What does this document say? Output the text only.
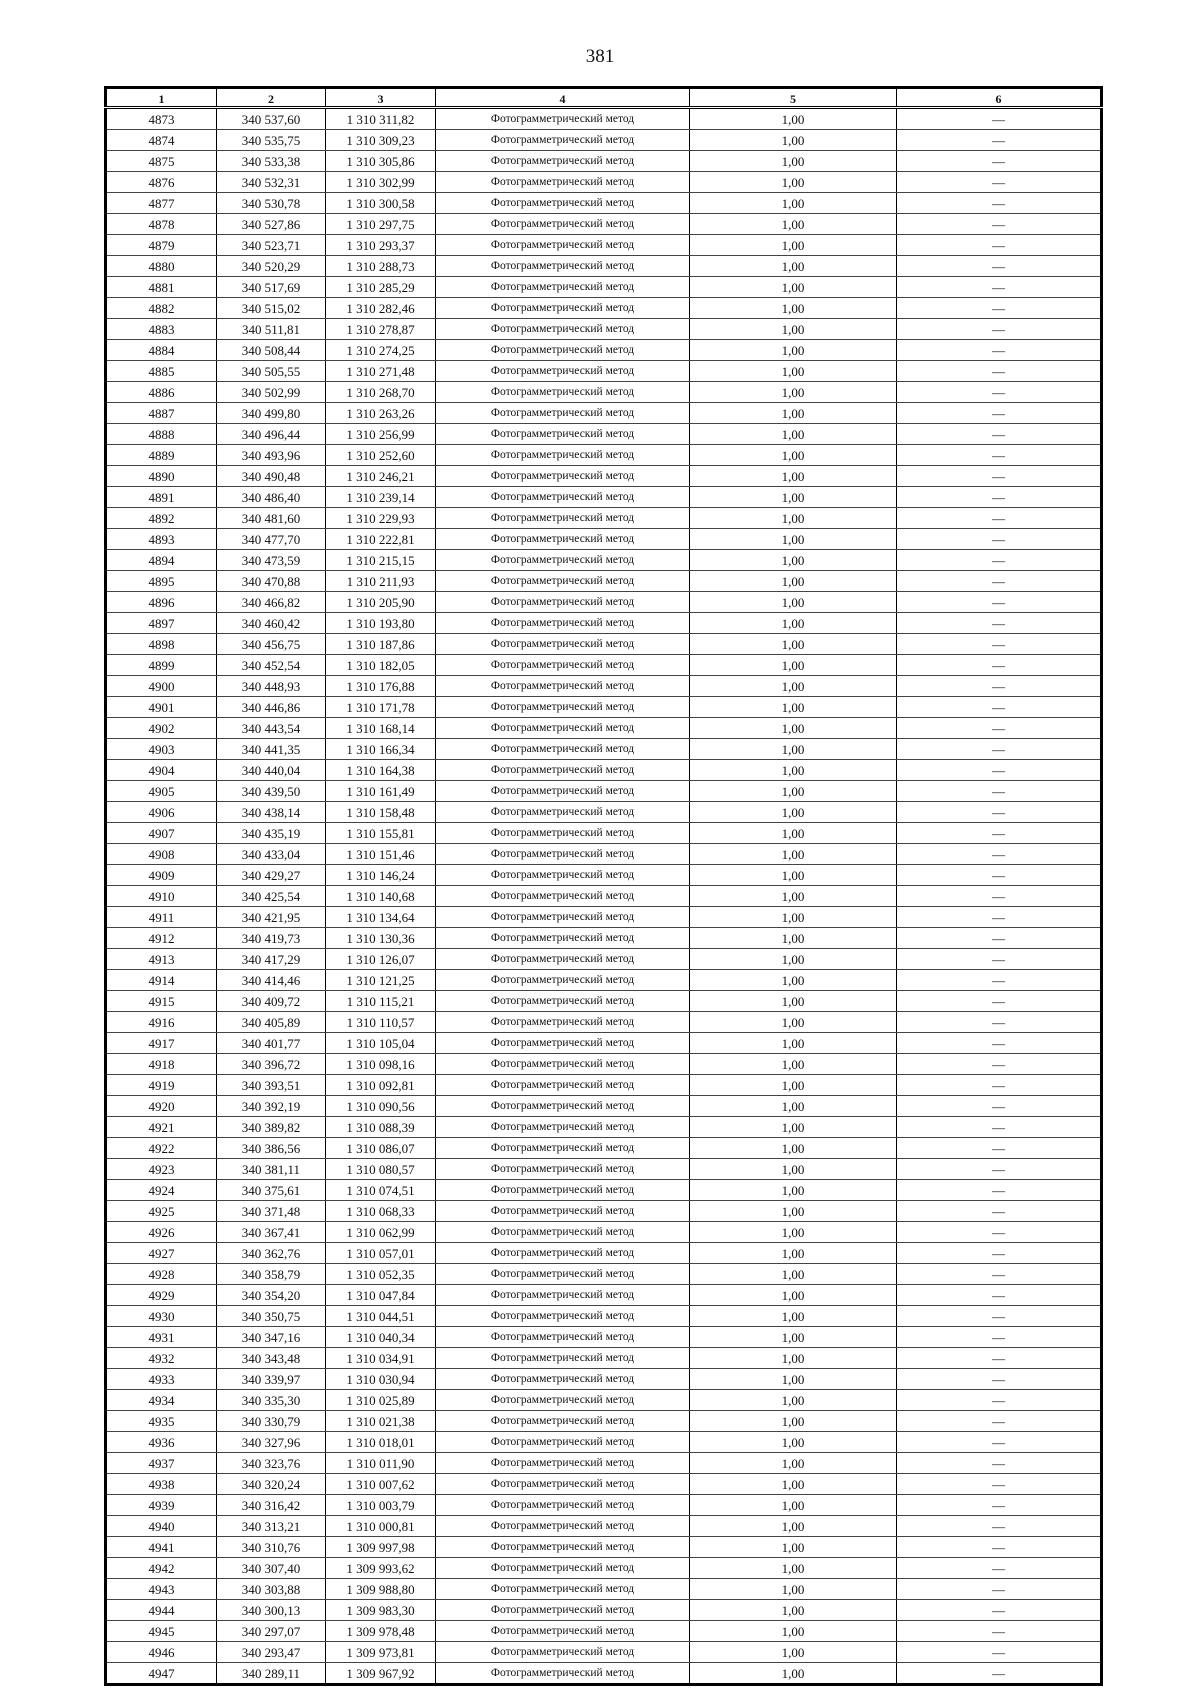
381
1	2	3	4	5	6
4873	340 537,60	1 310 311,82	Фотограмметрический метод	1,00	—
4874	340 535,75	1 310 309,23	Фотограмметрический метод	1,00	—
4875	340 533,38	1 310 305,86	Фотограмметрический метод	1,00	—
4876	340 532,31	1 310 302,99	Фотограмметрический метод	1,00	—
4877	340 530,78	1 310 300,58	Фотограмметрический метод	1,00	—
4878	340 527,86	1 310 297,75	Фотограмметрический метод	1,00	—
4879	340 523,71	1 310 293,37	Фотограмметрический метод	1,00	—
4880	340 520,29	1 310 288,73	Фотограмметрический метод	1,00	—
4881	340 517,69	1 310 285,29	Фотограмметрический метод	1,00	—
4882	340 515,02	1 310 282,46	Фотограмметрический метод	1,00	—
4883	340 511,81	1 310 278,87	Фотограмметрический метод	1,00	—
4884	340 508,44	1 310 274,25	Фотограмметрический метод	1,00	—
4885	340 505,55	1 310 271,48	Фотограмметрический метод	1,00	—
4886	340 502,99	1 310 268,70	Фотограмметрический метод	1,00	—
4887	340 499,80	1 310 263,26	Фотограмметрический метод	1,00	—
4888	340 496,44	1 310 256,99	Фотограмметрический метод	1,00	—
4889	340 493,96	1 310 252,60	Фотограмметрический метод	1,00	—
4890	340 490,48	1 310 246,21	Фотограмметрический метод	1,00	—
4891	340 486,40	1 310 239,14	Фотограмметрический метод	1,00	—
4892	340 481,60	1 310 229,93	Фотограмметрический метод	1,00	—
4893	340 477,70	1 310 222,81	Фотограмметрический метод	1,00	—
4894	340 473,59	1 310 215,15	Фотограмметрический метод	1,00	—
4895	340 470,88	1 310 211,93	Фотограмметрический метод	1,00	—
4896	340 466,82	1 310 205,90	Фотограмметрический метод	1,00	—
4897	340 460,42	1 310 193,80	Фотограмметрический метод	1,00	—
4898	340 456,75	1 310 187,86	Фотограмметрический метод	1,00	—
4899	340 452,54	1 310 182,05	Фотограмметрический метод	1,00	—
4900	340 448,93	1 310 176,88	Фотограмметрический метод	1,00	—
4901	340 446,86	1 310 171,78	Фотограмметрический метод	1,00	—
4902	340 443,54	1 310 168,14	Фотограмметрический метод	1,00	—
4903	340 441,35	1 310 166,34	Фотограмметрический метод	1,00	—
4904	340 440,04	1 310 164,38	Фотограмметрический метод	1,00	—
4905	340 439,50	1 310 161,49	Фотограмметрический метод	1,00	—
4906	340 438,14	1 310 158,48	Фотограмметрический метод	1,00	—
4907	340 435,19	1 310 155,81	Фотограмметрический метод	1,00	—
4908	340 433,04	1 310 151,46	Фотограмметрический метод	1,00	—
4909	340 429,27	1 310 146,24	Фотограмметрический метод	1,00	—
4910	340 425,54	1 310 140,68	Фотограмметрический метод	1,00	—
4911	340 421,95	1 310 134,64	Фотограмметрический метод	1,00	—
4912	340 419,73	1 310 130,36	Фотограмметрический метод	1,00	—
4913	340 417,29	1 310 126,07	Фотограмметрический метод	1,00	—
4914	340 414,46	1 310 121,25	Фотограмметрический метод	1,00	—
4915	340 409,72	1 310 115,21	Фотограмметрический метод	1,00	—
4916	340 405,89	1 310 110,57	Фотограмметрический метод	1,00	—
4917	340 401,77	1 310 105,04	Фотограмметрический метод	1,00	—
4918	340 396,72	1 310 098,16	Фотограмметрический метод	1,00	—
4919	340 393,51	1 310 092,81	Фотограмметрический метод	1,00	—
4920	340 392,19	1 310 090,56	Фотограмметрический метод	1,00	—
4921	340 389,82	1 310 088,39	Фотограмметрический метод	1,00	—
4922	340 386,56	1 310 086,07	Фотограмметрический метод	1,00	—
4923	340 381,11	1 310 080,57	Фотограмметрический метод	1,00	—
4924	340 375,61	1 310 074,51	Фотограмметрический метод	1,00	—
4925	340 371,48	1 310 068,33	Фотограмметрический метод	1,00	—
4926	340 367,41	1 310 062,99	Фотограмметрический метод	1,00	—
4927	340 362,76	1 310 057,01	Фотограмметрический метод	1,00	—
4928	340 358,79	1 310 052,35	Фотограмметрический метод	1,00	—
4929	340 354,20	1 310 047,84	Фотограмметрический метод	1,00	—
4930	340 350,75	1 310 044,51	Фотограмметрический метод	1,00	—
4931	340 347,16	1 310 040,34	Фотограмметрический метод	1,00	—
4932	340 343,48	1 310 034,91	Фотограмметрический метод	1,00	—
4933	340 339,97	1 310 030,94	Фотограмметрический метод	1,00	—
4934	340 335,30	1 310 025,89	Фотограмметрический метод	1,00	—
4935	340 330,79	1 310 021,38	Фотограмметрический метод	1,00	—
4936	340 327,96	1 310 018,01	Фотограмметрический метод	1,00	—
4937	340 323,76	1 310 011,90	Фотограмметрический метод	1,00	—
4938	340 320,24	1 310 007,62	Фотограмметрический метод	1,00	—
4939	340 316,42	1 310 003,79	Фотограмметрический метод	1,00	—
4940	340 313,21	1 310 000,81	Фотограмметрический метод	1,00	—
4941	340 310,76	1 309 997,98	Фотограмметрический метод	1,00	—
4942	340 307,40	1 309 993,62	Фотограмметрический метод	1,00	—
4943	340 303,88	1 309 988,80	Фотограмметрический метод	1,00	—
4944	340 300,13	1 309 983,30	Фотограмметрический метод	1,00	—
4945	340 297,07	1 309 978,48	Фотограмметрический метод	1,00	—
4946	340 293,47	1 309 973,81	Фотограмметрический метод	1,00	—
4947	340 289,11	1 309 967,92	Фотограмметрический метод	1,00	—
